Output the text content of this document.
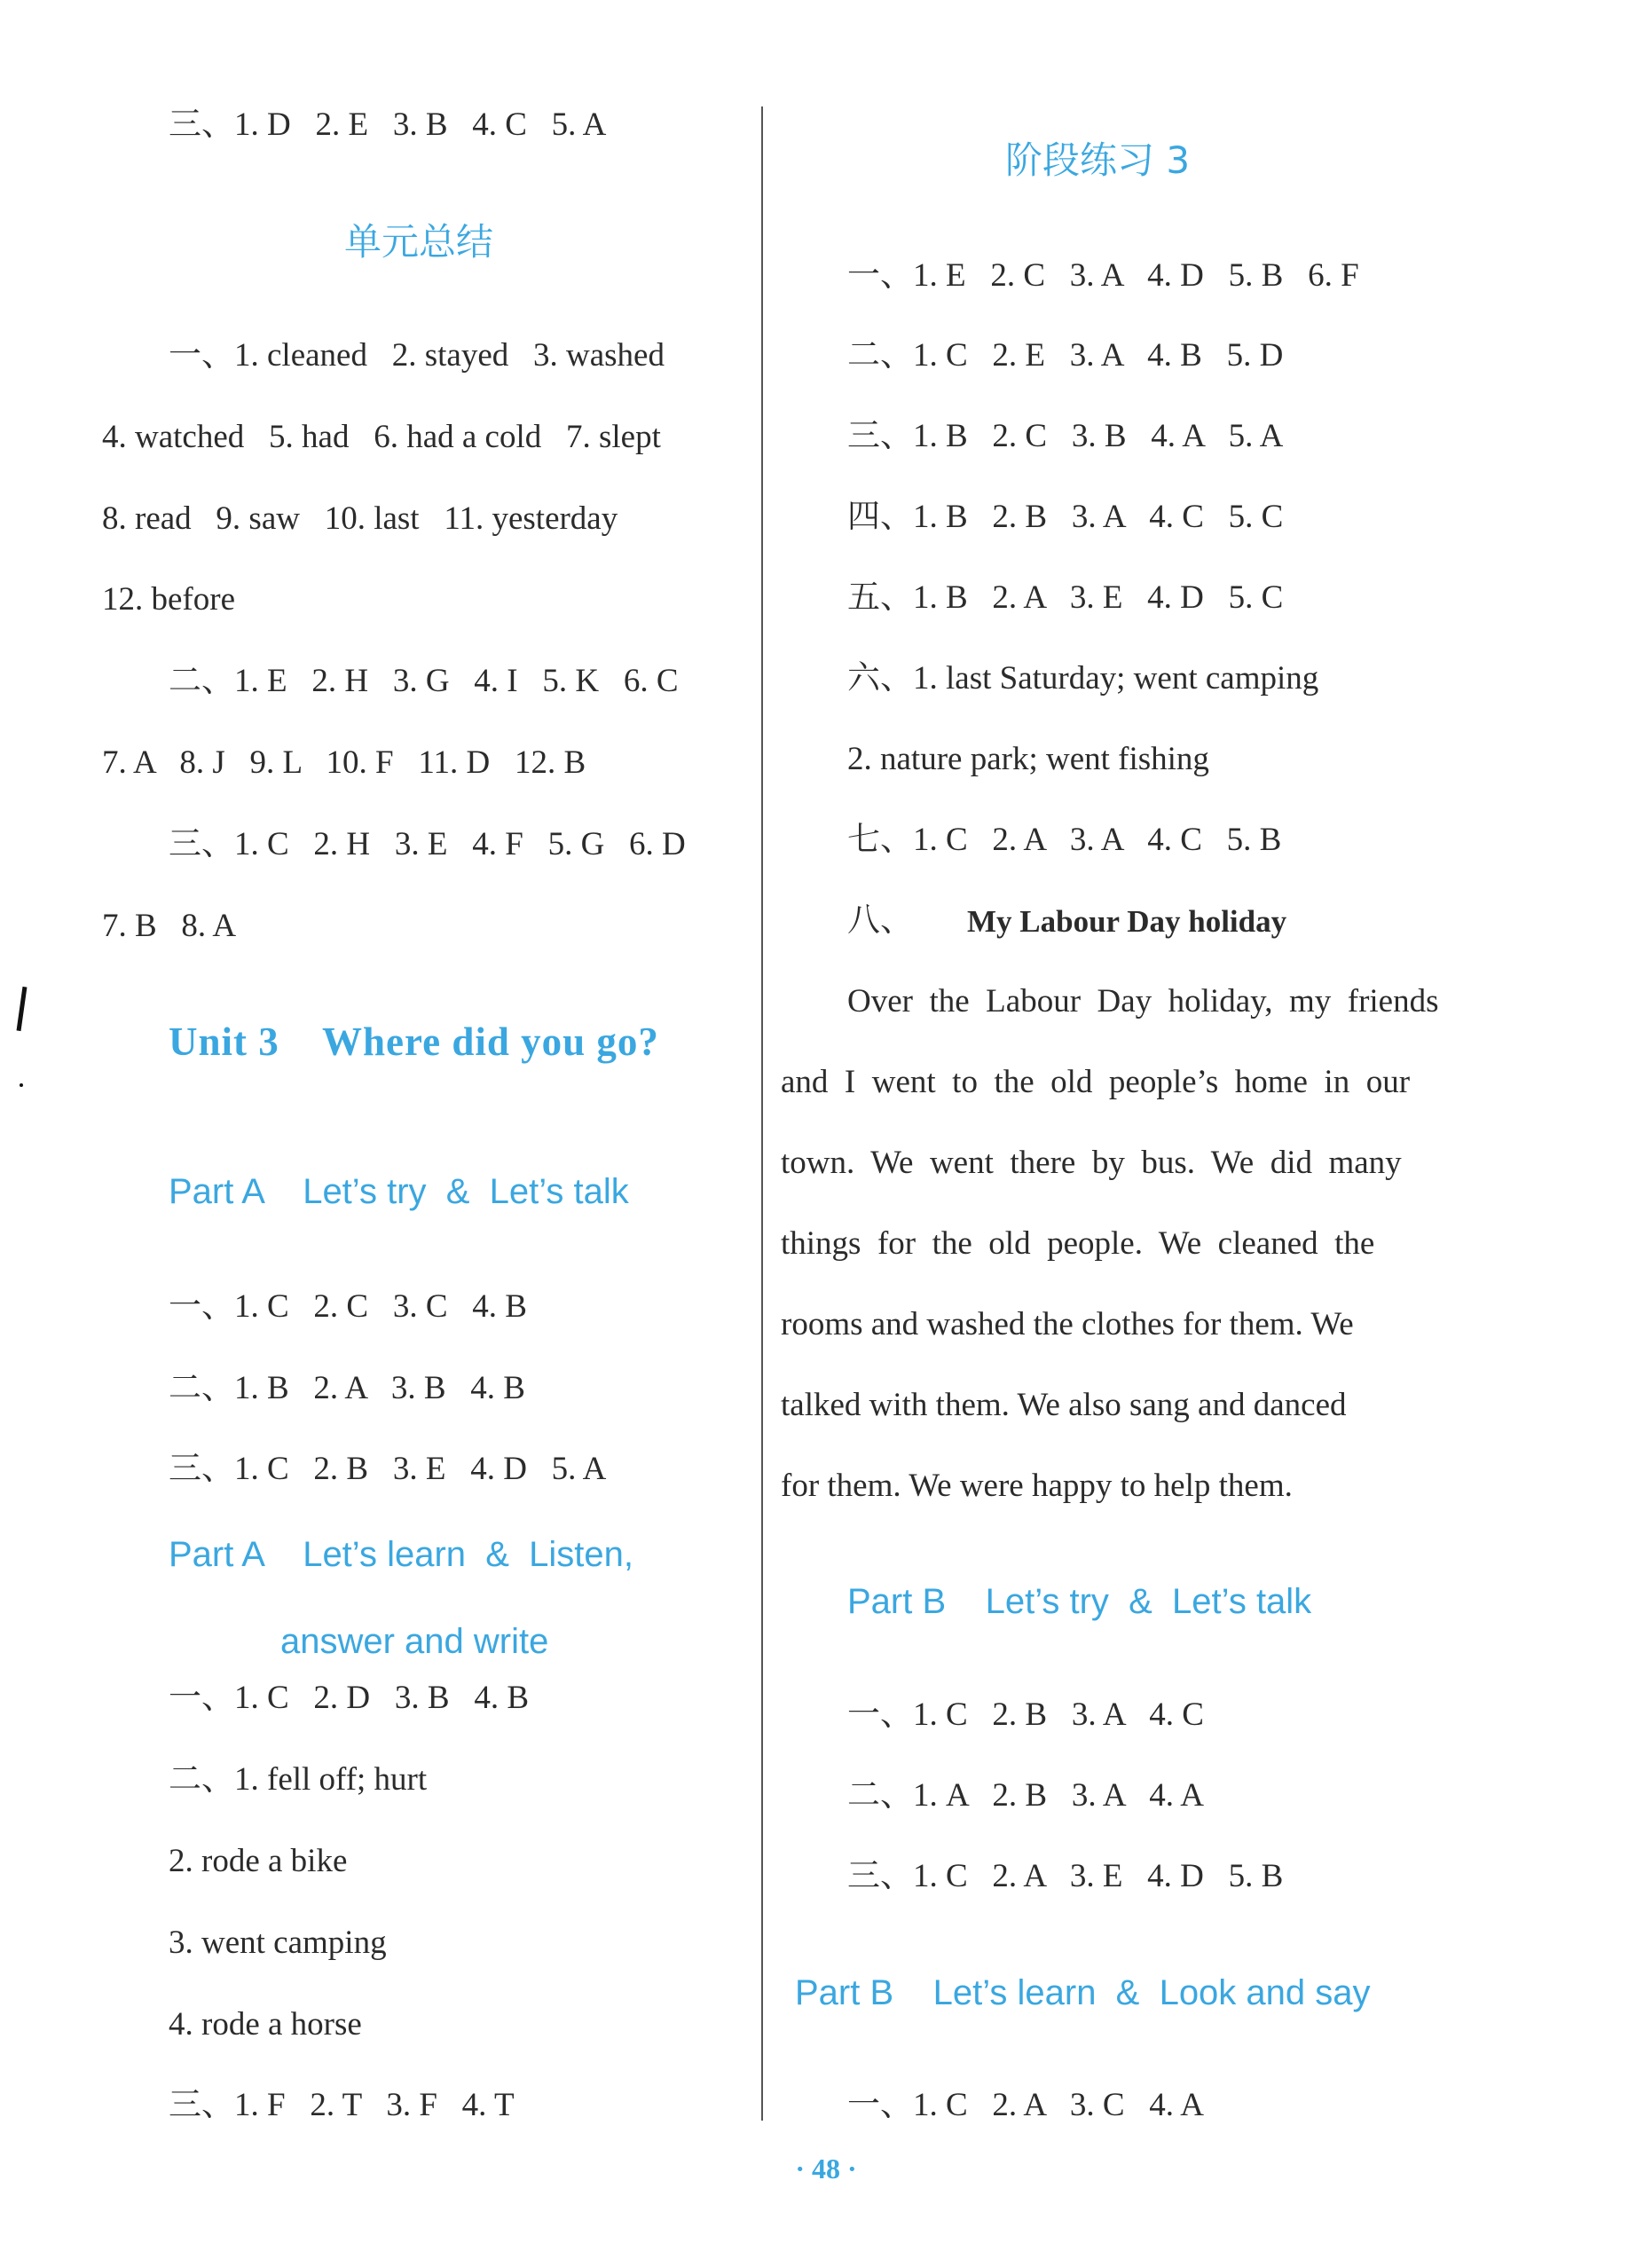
三、1. D   2. E   3. B   4. C   5. A
单元总结
一、1. cleaned   2. stayed   3. washed
4. watched   5. had   6. had a cold   7. slept
8. read   9. saw   10. last   11. yesterday
12. before
二、1. E   2. H   3. G   4. I   5. K   6. C
7. A   8. J   9. L   10. F   11. D   12. B
三、1. C   2. H   3. E   4. F   5. G   6. D
7. B   8. A
Unit 3    Where did you go?
Part A    Let’s try  &  Let’s talk
一、1. C   2. C   3. C   4. B
二、1. B   2. A   3. B   4. B
三、1. C   2. B   3. E   4. D   5. A
Part A    Let’s learn  &  Listen,
answer and write
一、1. C   2. D   3. B   4. B
二、1. fell off; hurt
2. rode a bike
3. went camping
4. rode a horse
三、1. F   2. T   3. F   4. T
阶段练习 3
一、1. E   2. C   3. A   4. D   5. B   6. F
二、1. C   2. E   3. A   4. B   5. D
三、1. B   2. C   3. B   4. A   5. A
四、1. B   2. B   3. A   4. C   5. C
五、1. B   2. A   3. E   4. D   5. C
六、1. last Saturday; went camping
2. nature park; went fishing
七、1. C   2. A   3. A   4. C   5. B
八、 My Labour Day holiday
Over  the  Labour  Day  holiday,  my  friends
and  I  went  to  the  old  people’s  home  in  our
town.  We  went  there  by  bus.  We  did  many
things  for  the  old  people.  We  cleaned  the
rooms and washed the clothes for them. We
talked with them. We also sang and danced
for them. We were happy to help them.
Part B    Let’s try  &  Let’s talk
一、1. C   2. B   3. A   4. C
二、1. A   2. B   3. A   4. A
三、1. C   2. A   3. E   4. D   5. B
Part B    Let’s learn  &  Look and say
一、1. C   2. A   3. C   4. A
· 48 ·
